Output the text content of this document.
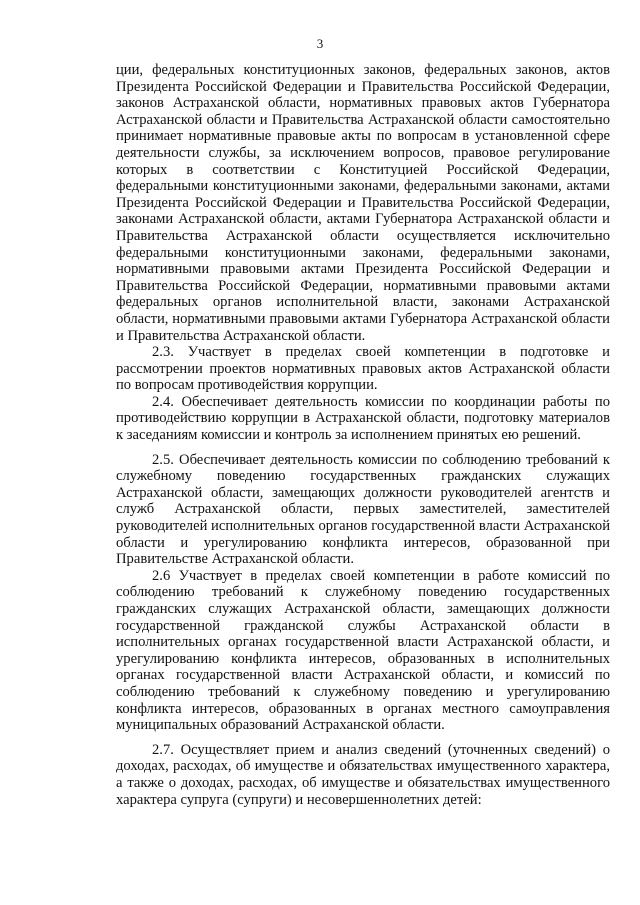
3

ции, федеральных конституционных законов, федеральных законов, актов Президента Российской Федерации и Правительства Российской Федерации, законов Астраханской области, нормативных правовых актов Губернатора Астраханской области и Правительства Астраханской области самостоятельно принимает нормативные правовые акты по вопросам в установленной сфере деятельности службы, за исключением вопросов, правовое регулирование которых в соответствии с Конституцией Российской Федерации, федеральными конституционными законами, федеральными законами, актами Президента Российской Федерации и Правительства Российской Федерации, законами Астраханской области, актами Губернатора Астраханской области и Правительства Астраханской области осуществляется исключительно федеральными конституционными законами, федеральными законами, нормативными правовыми актами Президента Российской Федерации и Правительства Российской Федерации, нормативными правовыми актами федеральных органов исполнительной власти, законами Астраханской области, нормативными правовыми актами Губернатора Астраханской области и Правительства Астраханской области.

2.3. Участвует в пределах своей компетенции в подготовке и рассмотрении проектов нормативных правовых актов Астраханской области по вопросам противодействия коррупции.

2.4. Обеспечивает деятельность комиссии по координации работы по противодействию коррупции в Астраханской области, подготовку материалов к заседаниям комиссии и контроль за исполнением принятых ею решений.

2.5. Обеспечивает деятельность комиссии по соблюдению требований к служебному поведению государственных гражданских служащих Астраханской области, замещающих должности руководителей агентств и служб Астраханской области, первых заместителей, заместителей руководителей исполнительных органов государственной власти Астраханской области и урегулированию конфликта интересов, образованной при Правительстве Астраханской области.

2.6 Участвует в пределах своей компетенции в работе комиссий по соблюдению требований к служебному поведению государственных гражданских служащих Астраханской области, замещающих должности государственной гражданской службы Астраханской области в исполнительных органах государственной власти Астраханской области, и урегулированию конфликта интересов, образованных в исполнительных органах государственной власти Астраханской области, и комиссий по соблюдению требований к служебному поведению и урегулированию конфликта интересов, образованных в органах местного самоуправления муниципальных образований Астраханской области.

2.7. Осуществляет прием и анализ сведений (уточненных сведений) о доходах, расходах, об имуществе и обязательствах имущественного характера, а также о доходах, расходах, об имуществе и обязательствах имущественного характера супруга (супруги) и несовершеннолетних детей:
